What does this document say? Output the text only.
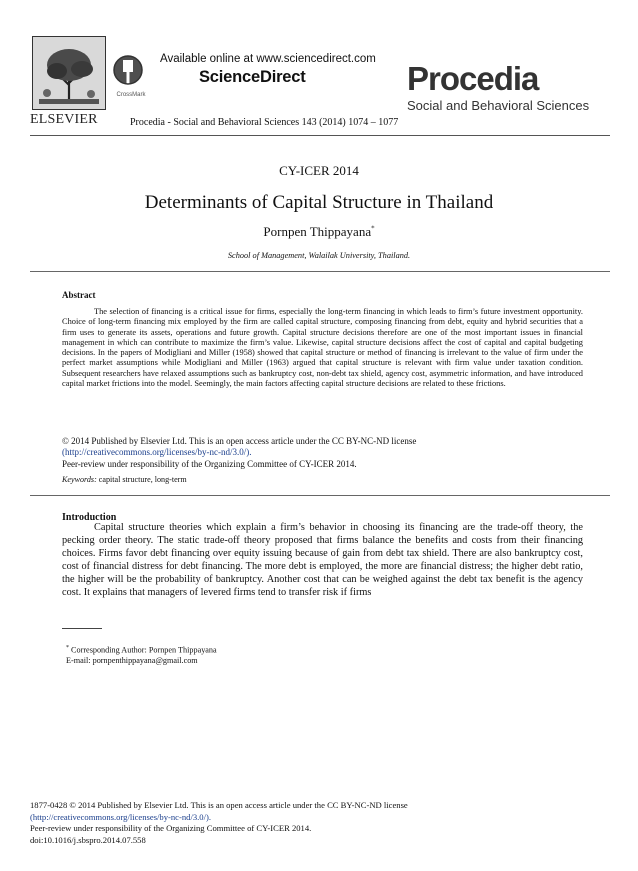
ELSEVIER
CrossMark
Available online at www.sciencedirect.com
ScienceDirect
Procedia - Social and Behavioral Sciences 143 (2014) 1074 – 1077
Procedia
Social and Behavioral Sciences
CY-ICER 2014
Determinants of Capital Structure in Thailand
Pornpen Thippayana*
School of Management, Walailak University, Thailand.
Abstract
The selection of financing is a critical issue for firms, especially the long-term financing in which leads to firm’s future investment opportunity. Choice of long-term financing mix employed by the firm are called capital structure, composing financing from debt, equity and hybrid securities that a firm uses to generate its assets, operations and future growth. Capital structure decisions therefore are one of the most important issues in financial management in which can contribute to maximize the firm’s value. Likewise, capital structure decisions affect the cost of capital and capital budgeting decisions. In the papers of Modigliani and Miller (1958) showed that capital structure or method of financing is irrelevant to the value of firm under the perfect market assumptions while Modigliani and Miller (1963) argued that capital structure is relevant with firm value under taxation condition. Subsequent researchers have relaxed assumptions such as bankruptcy cost, non-debt tax shield, agency cost, asymmetric information, and have introduced capital market frictions into the model. Seemingly, the main factors affecting capital structure decisions are related to these frictions.
© 2014 Published by Elsevier Ltd. This is an open access article under the CC BY-NC-ND license
(http://creativecommons.org/licenses/by-nc-nd/3.0/).
Peer-review under responsibility of the Organizing Committee of CY-ICER 2014.
Keywords: capital structure, long-term
Introduction
Capital structure theories which explain a firm’s behavior in choosing its financing are the trade-off theory, the pecking order theory. The static trade-off theory proposed that firms balance the benefits and costs from their financing choices. Firms favor debt financing over equity issuing because of gain from debt tax shield. There are also bankruptcy cost, cost of financial distress for debt financing. The more debt is employed, the more are financial distress; the higher debt ratio, the higher will be the probability of bankruptcy. Another cost that can be weighed against the debt tax benefit is the agency cost. It explains that managers of levered firms tend to transfer risk if firms
* Corresponding Author: Pornpen Thippayana
E-mail: pornpenthippayana@gmail.com
1877-0428 © 2014 Published by Elsevier Ltd. This is an open access article under the CC BY-NC-ND license
(http://creativecommons.org/licenses/by-nc-nd/3.0/).
Peer-review under responsibility of the Organizing Committee of CY-ICER 2014.
doi:10.1016/j.sbspro.2014.07.558
